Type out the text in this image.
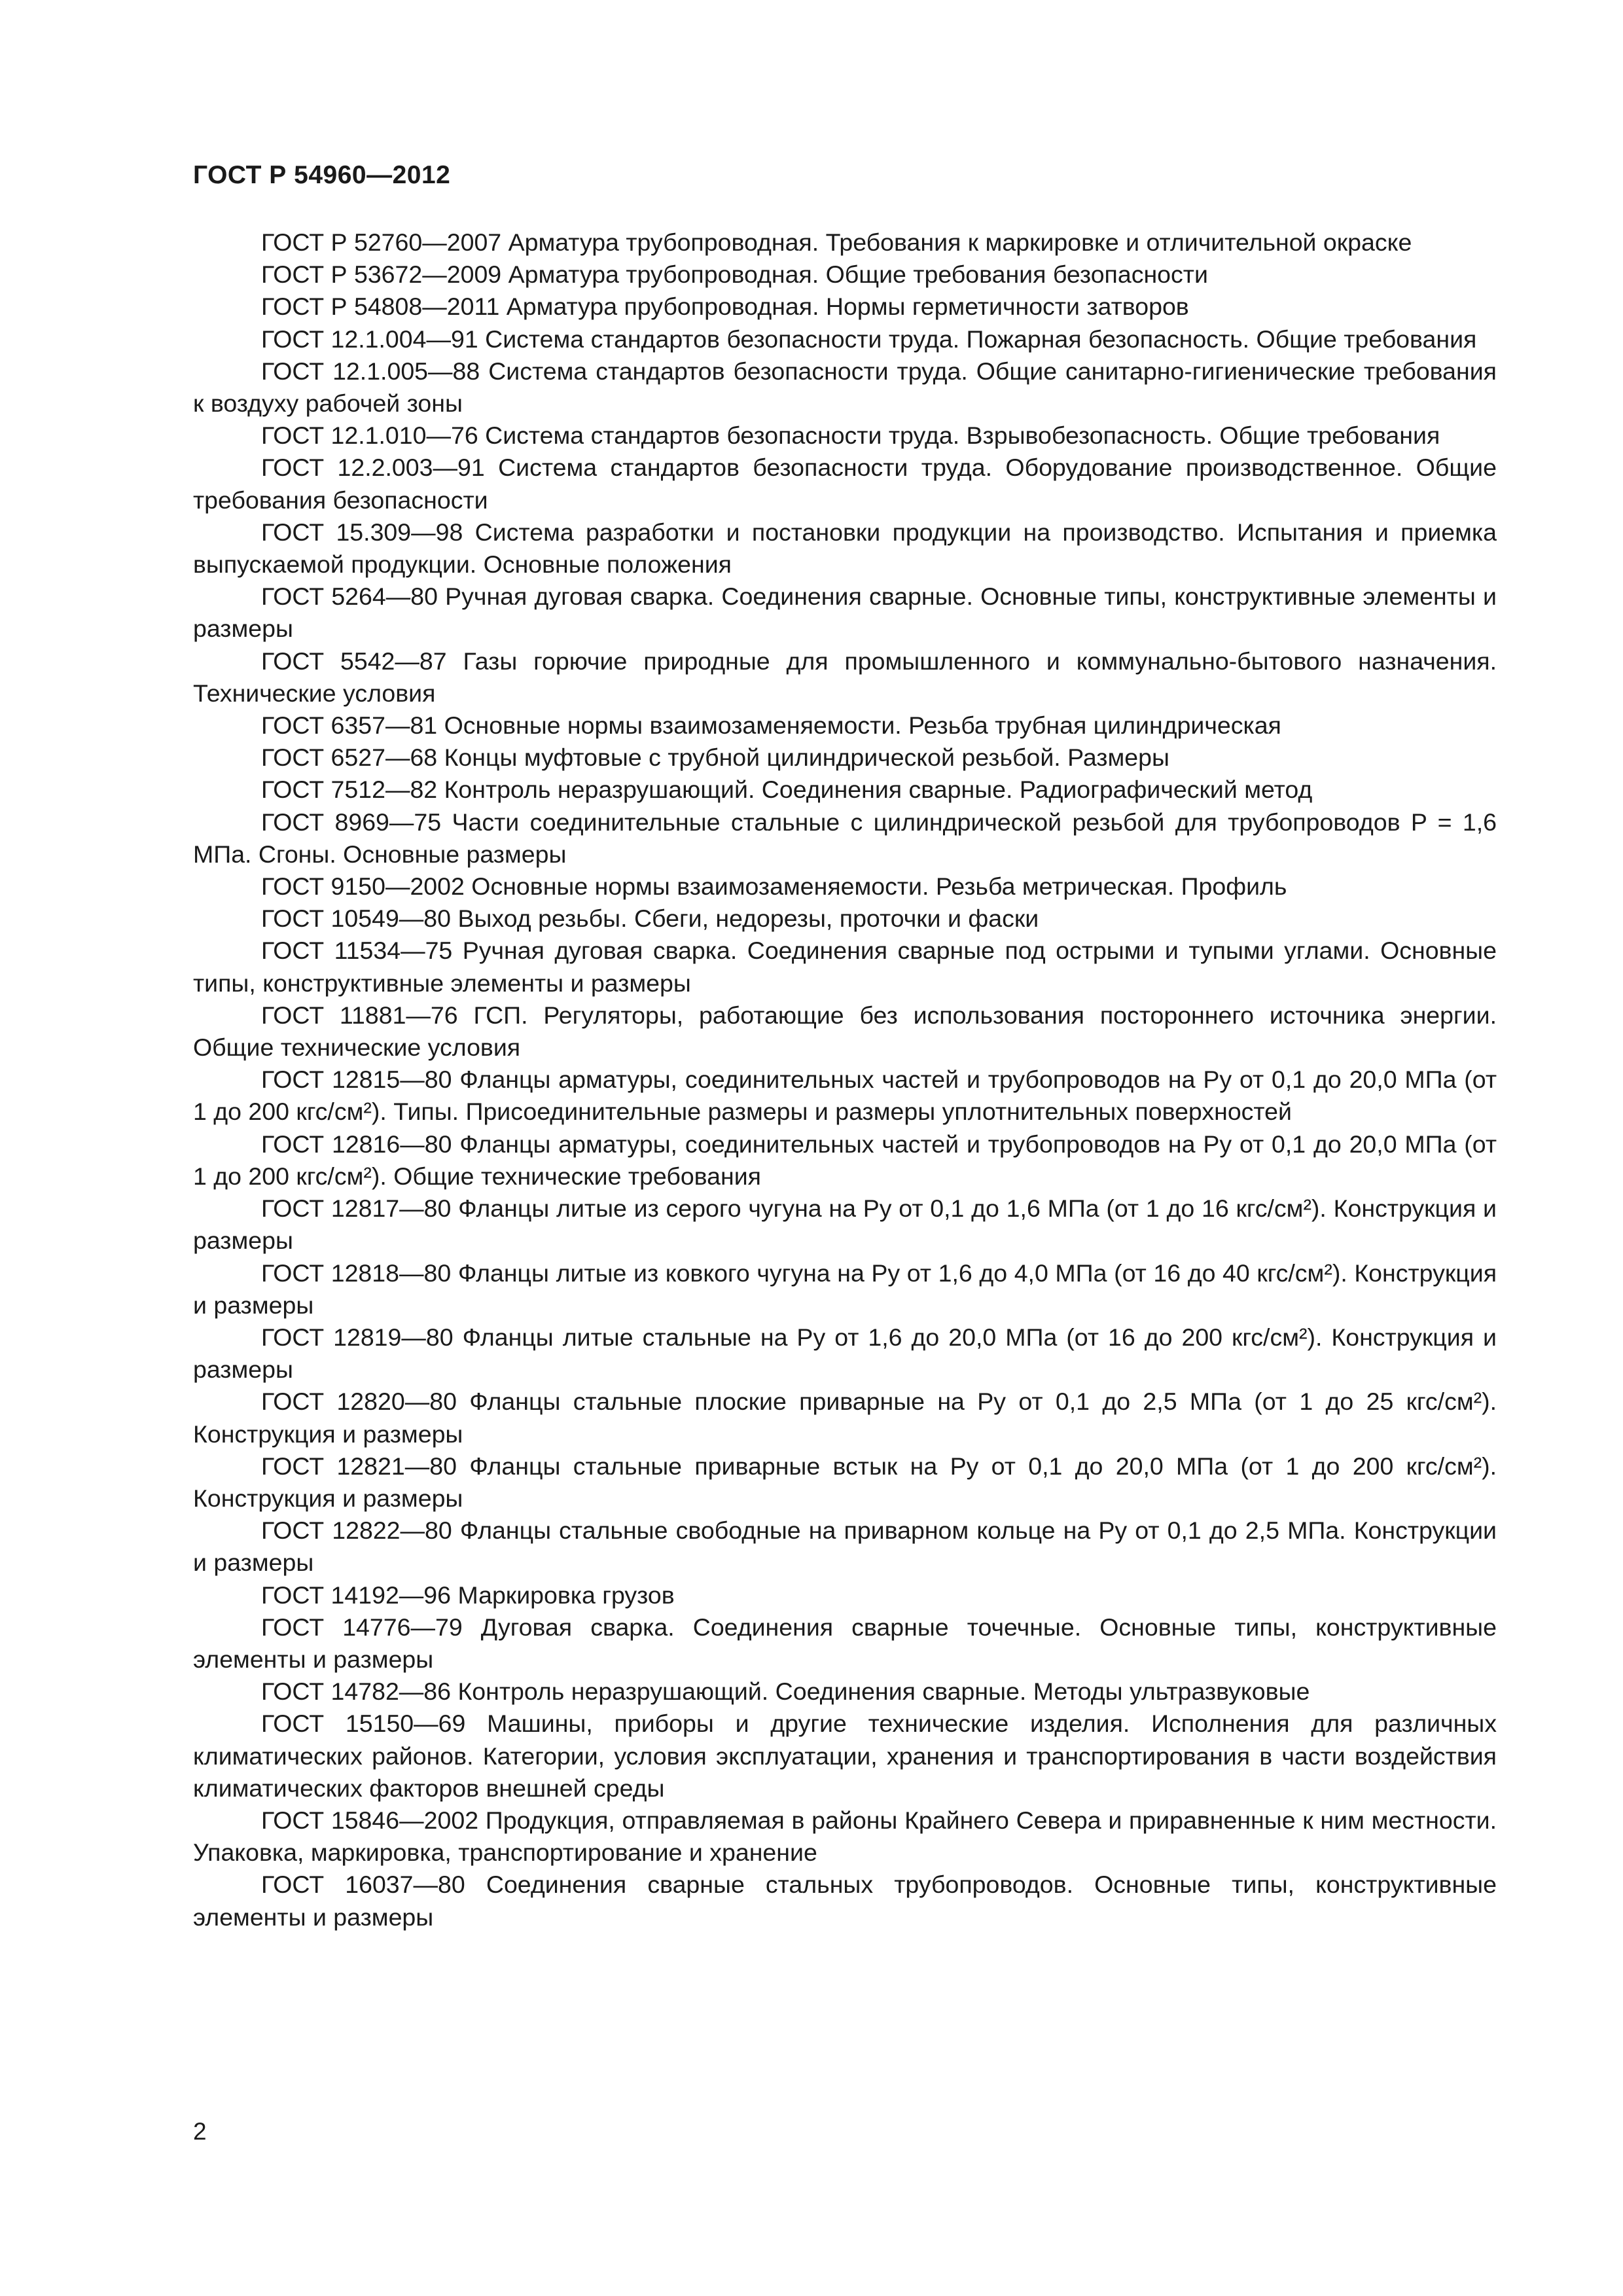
ГОСТ Р 54960—2012

ГОСТ Р 52760—2007 Арматура трубопроводная. Требования к маркировке и отличительной окраске

ГОСТ Р 53672—2009 Арматура трубопроводная. Общие требования безопасности

ГОСТ Р 54808—2011 Арматура прубопроводная. Нормы герметичности затворов

ГОСТ 12.1.004—91 Система стандартов безопасности труда. Пожарная безопасность. Общие требования

ГОСТ 12.1.005—88 Система стандартов безопасности труда. Общие санитарно-гигиенические требования к воздуху рабочей зоны

ГОСТ 12.1.010—76 Система стандартов безопасности труда. Взрывобезопасность. Общие требования

ГОСТ 12.2.003—91 Система стандартов безопасности труда. Оборудование производственное. Общие требования безопасности

ГОСТ 15.309—98 Система разработки и постановки продукции на производство. Испытания и приемка выпускаемой продукции. Основные положения

ГОСТ 5264—80 Ручная дуговая сварка. Соединения сварные. Основные типы, конструктивные элементы и размеры

ГОСТ 5542—87 Газы горючие природные для промышленного и коммунально-бытового назначения. Технические условия

ГОСТ 6357—81 Основные нормы взаимозаменяемости. Резьба трубная цилиндрическая

ГОСТ 6527—68 Концы муфтовые с трубной цилиндрической резьбой. Размеры

ГОСТ 7512—82 Контроль неразрушающий. Соединения сварные. Радиографический метод

ГОСТ 8969—75 Части соединительные стальные с цилиндрической резьбой для трубопроводов P = 1,6 МПа. Сгоны. Основные размеры

ГОСТ 9150—2002 Основные нормы взаимозаменяемости. Резьба метрическая. Профиль

ГОСТ 10549—80 Выход резьбы. Сбеги, недорезы, проточки и фаски

ГОСТ 11534—75 Ручная дуговая сварка. Соединения сварные под острыми и тупыми углами. Основные типы, конструктивные элементы и размеры

ГОСТ 11881—76 ГСП. Регуляторы, работающие без использования постороннего источника энергии. Общие технические условия

ГОСТ 12815—80 Фланцы арматуры, соединительных частей и трубопроводов на Pу от 0,1 до 20,0 МПа (от 1 до 200 кгс/см²). Типы. Присоединительные размеры и размеры уплотнительных поверхностей

ГОСТ 12816—80 Фланцы арматуры, соединительных частей и трубопроводов на Pу от 0,1 до 20,0 МПа (от 1 до 200 кгс/см²). Общие технические требования

ГОСТ 12817—80 Фланцы литые из серого чугуна на Pу от 0,1 до 1,6 МПа (от 1 до 16 кгс/см²). Конструкция и размеры

ГОСТ 12818—80 Фланцы литые из ковкого чугуна на Pу от 1,6 до 4,0 МПа (от 16 до 40 кгс/см²). Конструкция и размеры

ГОСТ 12819—80 Фланцы литые стальные на Pу от 1,6 до 20,0 МПа (от 16 до 200 кгс/см²). Конструкция и размеры

ГОСТ 12820—80 Фланцы стальные плоские приварные на Pу от 0,1 до 2,5 МПа (от 1 до 25 кгс/см²). Конструкция и размеры

ГОСТ 12821—80 Фланцы стальные приварные встык на Pу от 0,1 до 20,0 МПа (от 1 до 200 кгс/см²). Конструкция и размеры

ГОСТ 12822—80 Фланцы стальные свободные на приварном кольце на Pу от 0,1 до 2,5 МПа. Конструкции и размеры

ГОСТ 14192—96 Маркировка грузов

ГОСТ 14776—79 Дуговая сварка. Соединения сварные точечные. Основные типы, конструктивные элементы и размеры

ГОСТ 14782—86 Контроль неразрушающий. Соединения сварные. Методы ультразвуковые

ГОСТ 15150—69 Машины, приборы и другие технические изделия. Исполнения для различных климатических районов. Категории, условия эксплуатации, хранения и транспортирования в части воздействия климатических факторов внешней среды

ГОСТ 15846—2002 Продукция, отправляемая в районы Крайнего Севера и приравненные к ним местности. Упаковка, маркировка, транспортирование и хранение

ГОСТ 16037—80 Соединения сварные стальных трубопроводов. Основные типы, конструктивные элементы и размеры

2
